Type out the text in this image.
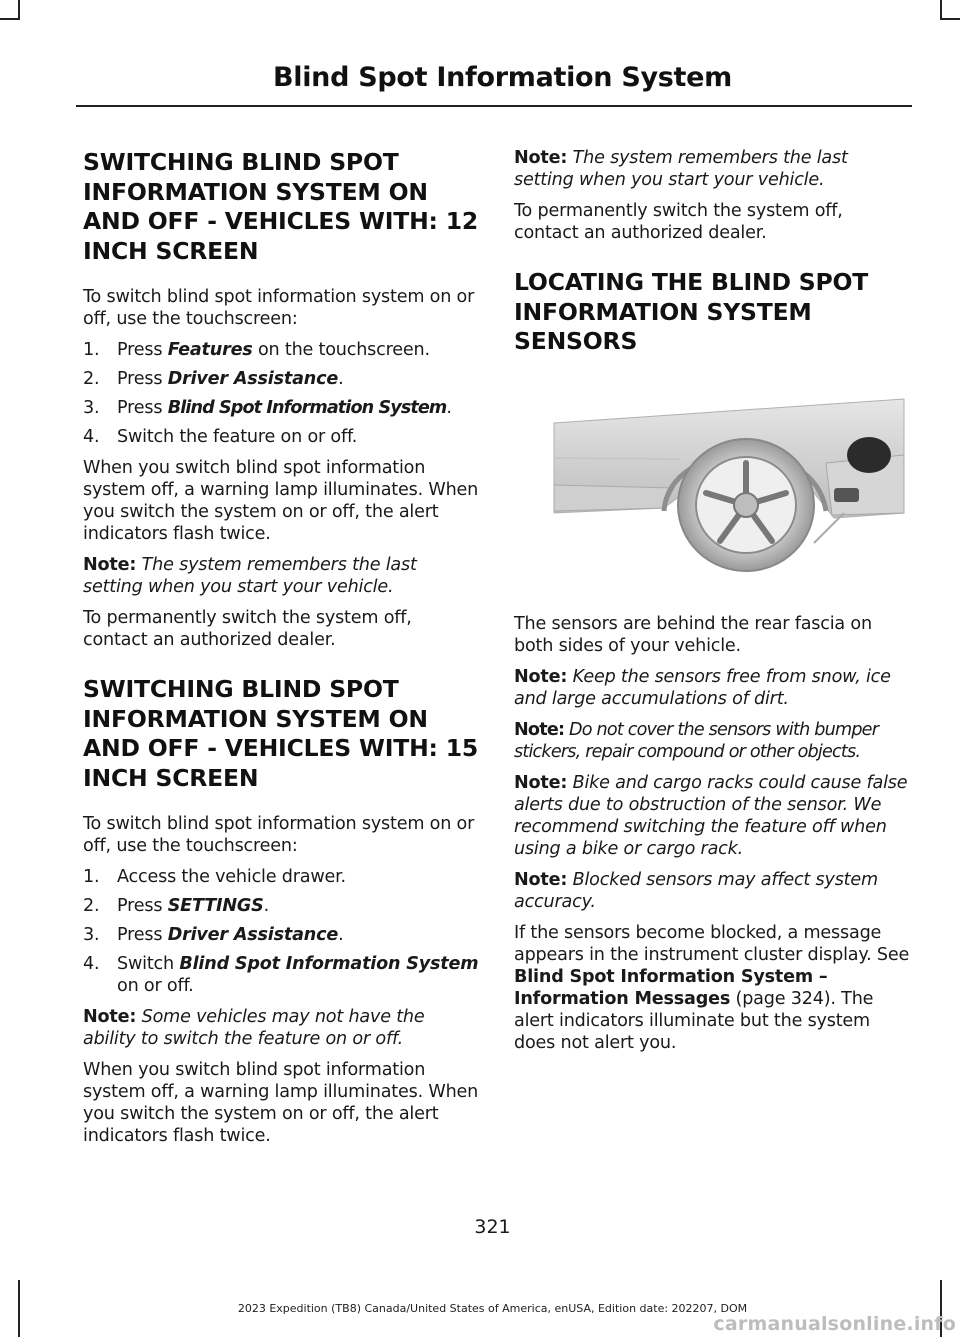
Blind Spot Information System
SWITCHING BLIND SPOT
INFORMATION SYSTEM ON
AND OFF - VEHICLES WITH: 12
INCH SCREEN

To switch blind spot information system on or off, use the touchscreen:

1. Press Features on the touchscreen.
2. Press Driver Assistance.
3. Press Blind Spot Information System.
4. Switch the feature on or off.

When you switch blind spot information system off, a warning lamp illuminates. When you switch the system on or off, the alert indicators flash twice.

Note: The system remembers the last setting when you start your vehicle.

To permanently switch the system off, contact an authorized dealer.

SWITCHING BLIND SPOT
INFORMATION SYSTEM ON
AND OFF - VEHICLES WITH: 15
INCH SCREEN

To switch blind spot information system on or off, use the touchscreen:

1. Access the vehicle drawer.
2. Press SETTINGS.
3. Press Driver Assistance.
4. Switch Blind Spot Information System on or off.

Note: Some vehicles may not have the ability to switch the feature on or off.

When you switch blind spot information system off, a warning lamp illuminates. When you switch the system on or off, the alert indicators flash twice.

Note: The system remembers the last setting when you start your vehicle.

To permanently switch the system off, contact an authorized dealer.

LOCATING THE BLIND SPOT
INFORMATION SYSTEM
SENSORS

The sensors are behind the rear fascia on both sides of your vehicle.

Note: Keep the sensors free from snow, ice and large accumulations of dirt.

Note: Do not cover the sensors with bumper stickers, repair compound or other objects.

Note: Bike and cargo racks could cause false alerts due to obstruction of the sensor. We recommend switching the feature off when using a bike or cargo rack.

Note: Blocked sensors may affect system accuracy.

If the sensors become blocked, a message appears in the instrument cluster display. See Blind Spot Information System – Information Messages (page 324). The alert indicators illuminate but the system does not alert you.

321
2023 Expedition (TB8) Canada/United States of America, enUSA, Edition date: 202207, DOM
carmanualsonline.info
